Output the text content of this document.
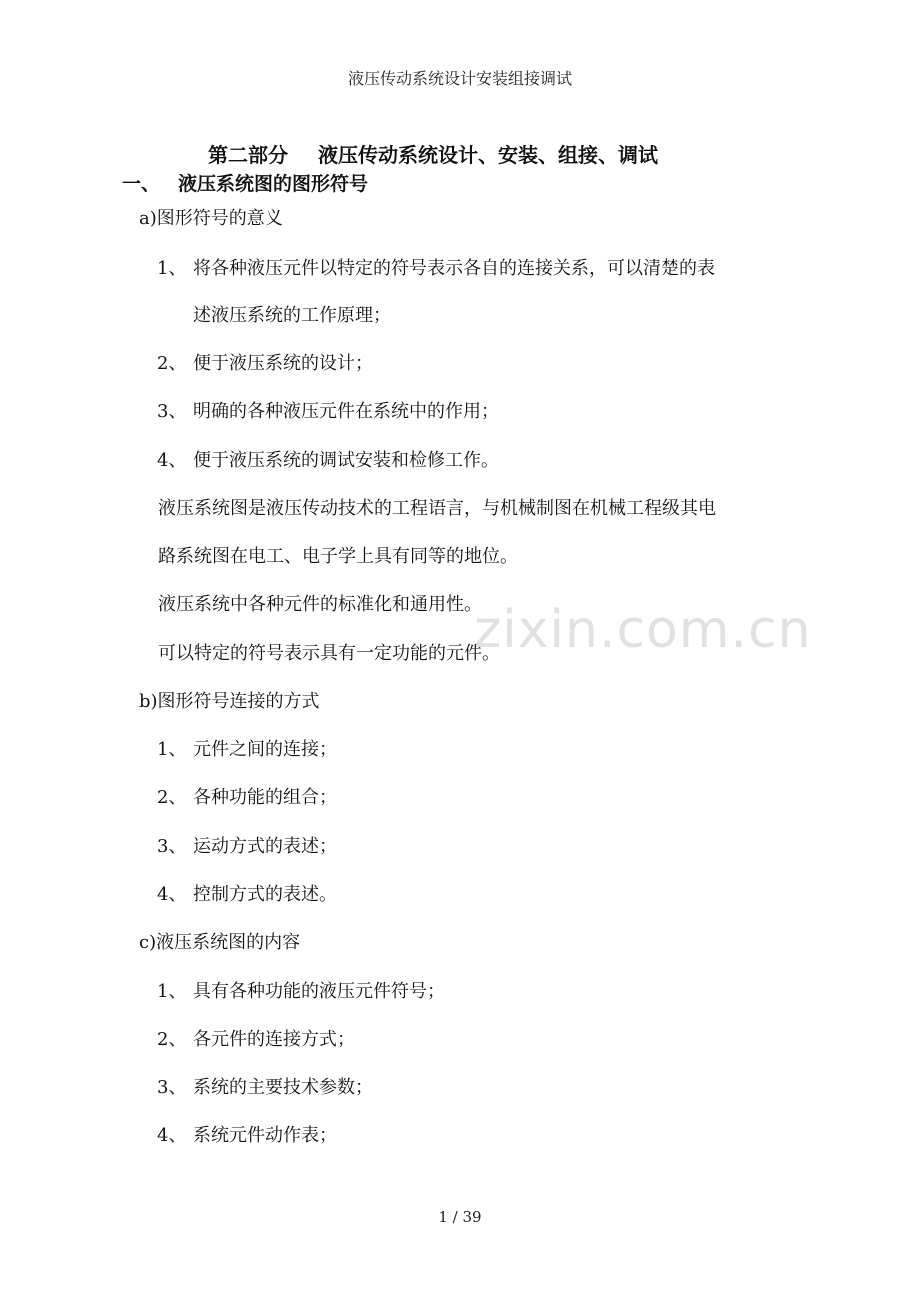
液压传动系统设计安装组接调试
第二部分 液压传动系统设计、安装、组接、调试
一、 液压系统图的图形符号
a)图形符号的意义
1、 将各种液压元件以特定的符号表示各自的连接关系，可以清楚的表
述液压系统的工作原理；
2、 便于液压系统的设计；
3、 明确的各种液压元件在系统中的作用；
4、 便于液压系统的调试安装和检修工作。
液压系统图是液压传动技术的工程语言，与机械制图在机械工程级其电
路系统图在电工、电子学上具有同等的地位。
液压系统中各种元件的标准化和通用性。
可以特定的符号表示具有一定功能的元件。
b)图形符号连接的方式
1、 元件之间的连接；
2、 各种功能的组合；
3、 运动方式的表述；
4、 控制方式的表述。
c)液压系统图的内容
1、 具有各种功能的液压元件符号；
2、 各元件的连接方式；
3、 系统的主要技术参数；
4、 系统元件动作表；
zixin.com.cn
1 / 39
